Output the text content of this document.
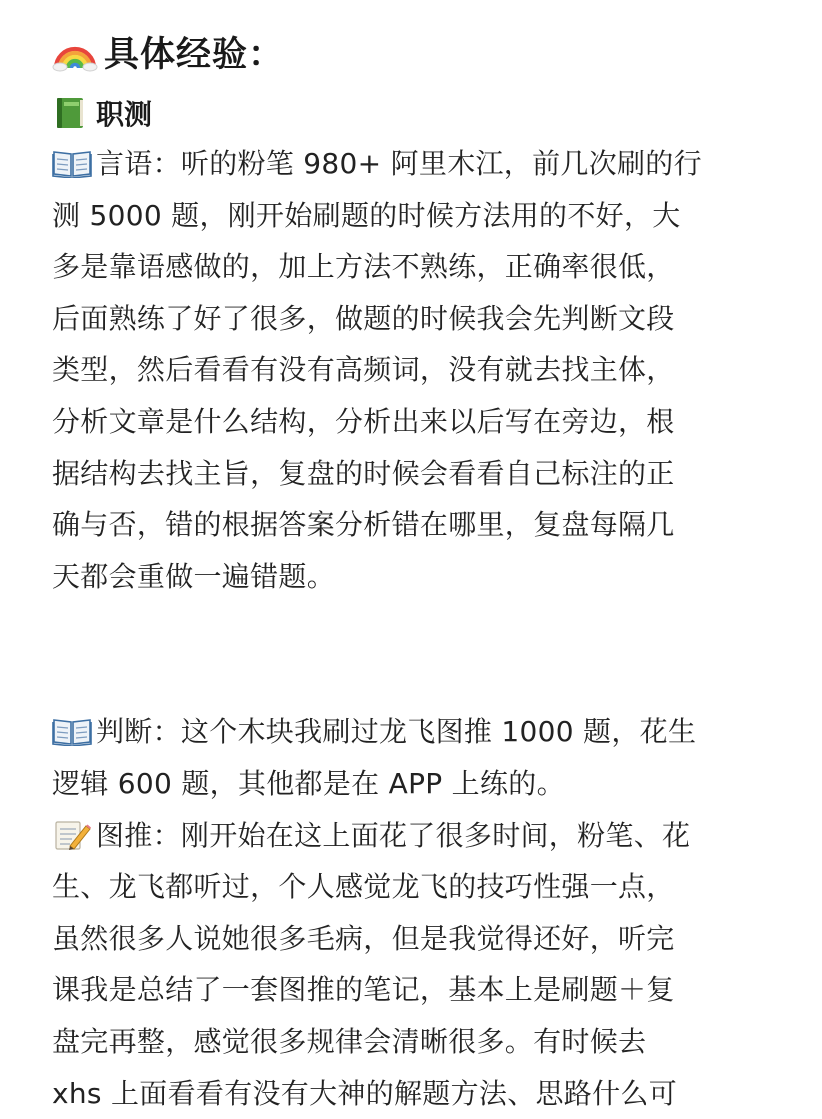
具体经验：
职测

言语：听的粉笔 980+ 阿里木江，前几次刷的行
测 5000 题，刚开始刷题的时候方法用的不好，大
多是靠语感做的，加上方法不熟练，正确率很低，
后面熟练了好了很多，做题的时候我会先判断文段
类型，然后看看有没有高频词，没有就去找主体，
分析文章是什么结构，分析出来以后写在旁边，根
据结构去找主旨，复盘的时候会看看自己标注的正
确与否，错的根据答案分析错在哪里，复盘每隔几
天都会重做一遍错题。

判断：这个木块我刷过龙飞图推 1000 题，花生
逻辑 600 题，其他都是在 APP 上练的。

图推：刚开始在这上面花了很多时间，粉笔、花
生、龙飞都听过，个人感觉龙飞的技巧性强一点，
虽然很多人说她很多毛病，但是我觉得还好，听完
课我是总结了一套图推的笔记，基本上是刷题＋复
盘完再整，感觉很多规律会清晰很多。有时候去
xhs 上面看看有没有大神的解题方法、思路什么可
